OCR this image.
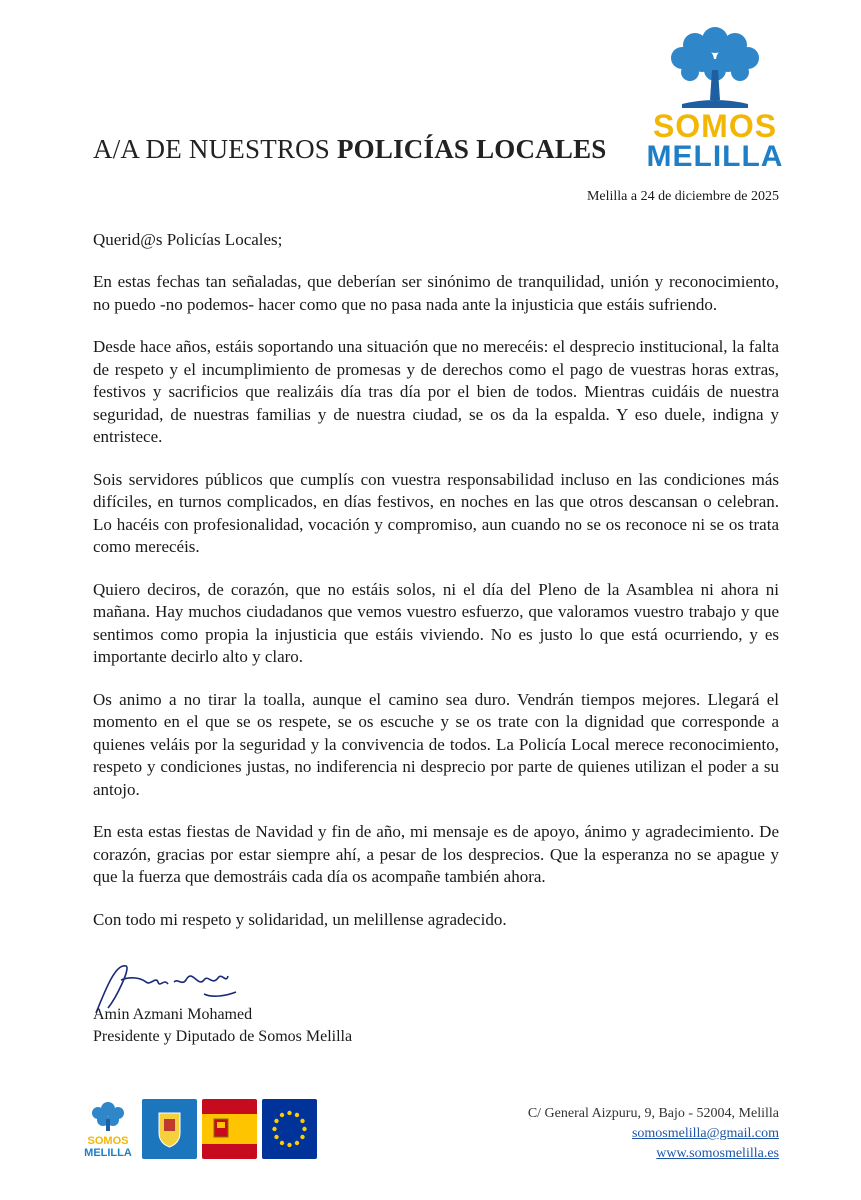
SOMOS
MELILLA
A/A DE NUESTROS POLICÍAS LOCALES
Melilla a 24 de diciembre de 2025
Querid@s Policías Locales;

En estas fechas tan señaladas, que deberían ser sinónimo de tranquilidad, unión y reconocimiento, no puedo -no podemos- hacer como que no pasa nada ante la injusticia que estáis sufriendo.

Desde hace años, estáis soportando una situación que no merecéis: el desprecio institucional, la falta de respeto y el incumplimiento de promesas y de derechos como el pago de vuestras horas extras, festivos y sacrificios que realizáis día tras día por el bien de todos. Mientras cuidáis de nuestra seguridad, de nuestras familias y de nuestra ciudad, se os da la espalda. Y eso duele, indigna y entristece.

Sois servidores públicos que cumplís con vuestra responsabilidad incluso en las condiciones más difíciles, en turnos complicados, en días festivos, en noches en las que otros descansan o celebran. Lo hacéis con profesionalidad, vocación y compromiso, aun cuando no se os reconoce ni se os trata como merecéis.

Quiero deciros, de corazón, que no estáis solos, ni el día del Pleno de la Asamblea ni ahora ni mañana. Hay muchos ciudadanos que vemos vuestro esfuerzo, que valoramos vuestro trabajo y que sentimos como propia la injusticia que estáis viviendo. No es justo lo que está ocurriendo, y es importante decirlo alto y claro.

Os animo a no tirar la toalla, aunque el camino sea duro. Vendrán tiempos mejores. Llegará el momento en el que se os respete, se os escuche y se os trate con la dignidad que corresponde a quienes veláis por la seguridad y la convivencia de todos. La Policía Local merece reconocimiento, respeto y condiciones justas, no indiferencia ni desprecio por parte de quienes utilizan el poder a su antojo.

En esta estas fiestas de Navidad y fin de año, mi mensaje es de apoyo, ánimo y agradecimiento. De corazón, gracias por estar siempre ahí, a pesar de los desprecios. Que la esperanza no se apague y que la fuerza que demostráis cada día os acompañe también ahora.

Con todo mi respeto y solidaridad, un melillense agradecido.

Amin Azmani Mohamed
Presidente y Diputado de Somos Melilla
SOMOS
MELILLA
C/ General Aizpuru, 9, Bajo - 52004, Melilla
somosmelilla@gmail.com
www.somosmelilla.es
